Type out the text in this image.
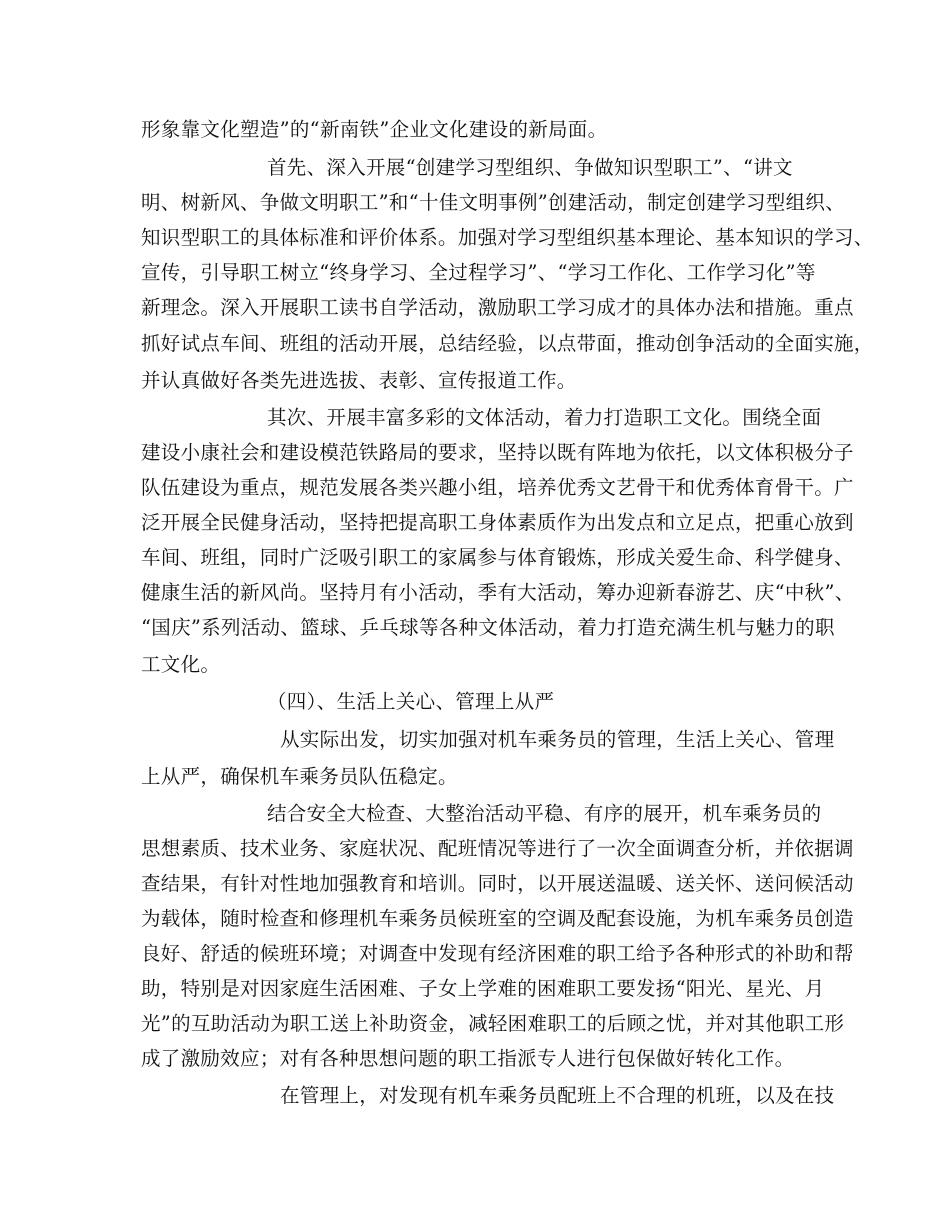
形象靠文化塑造”的“新南铁”企业文化建设的新局面。
首先、深入开展“创建学习型组织、争做知识型职工”、“讲文
明、树新风、争做文明职工”和“十佳文明事例”创建活动，制定创建学习型组织、
知识型职工的具体标准和评价体系。加强对学习型组织基本理论、基本知识的学习、
宣传，引导职工树立“终身学习、全过程学习”、“学习工作化、工作学习化”等
新理念。深入开展职工读书自学活动，激励职工学习成才的具体办法和措施。重点
抓好试点车间、班组的活动开展，总结经验，以点带面，推动创争活动的全面实施，
并认真做好各类先进选拔、表彰、宣传报道工作。
其次、开展丰富多彩的文体活动，着力打造职工文化。围绕全面
建设小康社会和建设模范铁路局的要求，坚持以既有阵地为依托，以文体积极分子
队伍建设为重点，规范发展各类兴趣小组，培养优秀文艺骨干和优秀体育骨干。广
泛开展全民健身活动，坚持把提高职工身体素质作为出发点和立足点，把重心放到
车间、班组，同时广泛吸引职工的家属参与体育锻炼，形成关爱生命、科学健身、
健康生活的新风尚。坚持月有小活动，季有大活动，筹办迎新春游艺、庆“中秋”、
“国庆”系列活动、篮球、乒乓球等各种文体活动，着力打造充满生机与魅力的职
工文化。
（四）、生活上关心、管理上从严
从实际出发，切实加强对机车乘务员的管理，生活上关心、管理
上从严，确保机车乘务员队伍稳定。
结合安全大检查、大整治活动平稳、有序的展开，机车乘务员的
思想素质、技术业务、家庭状况、配班情况等进行了一次全面调查分析，并依据调
查结果，有针对性地加强教育和培训。同时，以开展送温暖、送关怀、送问候活动
为载体，随时检查和修理机车乘务员候班室的空调及配套设施，为机车乘务员创造
良好、舒适的候班环境；对调查中发现有经济困难的职工给予各种形式的补助和帮
助，特别是对因家庭生活困难、子女上学难的困难职工要发扬“阳光、星光、月
光”的互助活动为职工送上补助资金，减轻困难职工的后顾之忧，并对其他职工形
成了激励效应；对有各种思想问题的职工指派专人进行包保做好转化工作。
在管理上，对发现有机车乘务员配班上不合理的机班，以及在技
